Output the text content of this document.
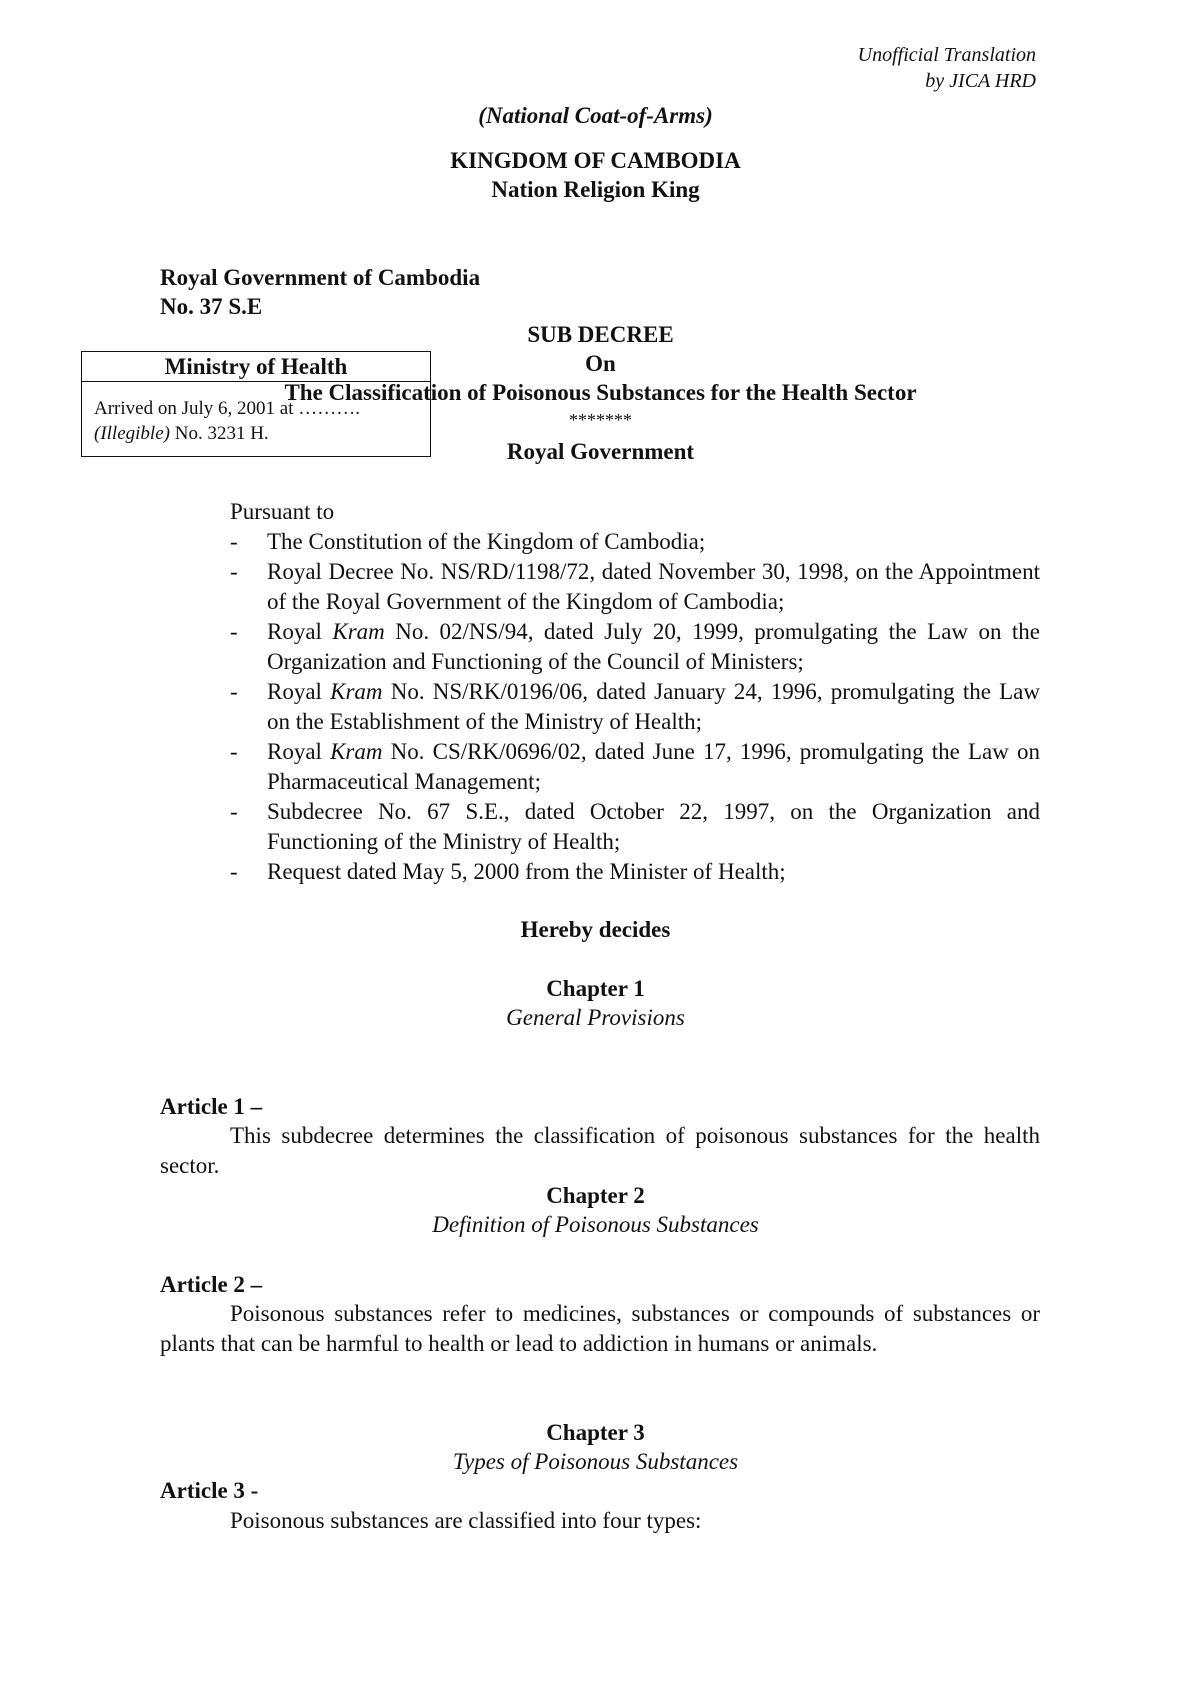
Unofficial Translation
by JICA HRD
(National Coat-of-Arms)
KINGDOM OF CAMBODIA
Nation Religion King
Royal Government of Cambodia
No. 37 S.E
Ministry of Health
Arrived on July 6, 2001 at ……….
(Illegible) No. 3231 H.
SUB DECREE
On
The Classification of Poisonous Substances for the Health Sector
*******
Royal Government
Pursuant to
- The Constitution of the Kingdom of Cambodia;
- Royal Decree No. NS/RD/1198/72, dated November 30, 1998, on the Appointment of the Royal Government of the Kingdom of Cambodia;
- Royal Kram No. 02/NS/94, dated July 20, 1999, promulgating the Law on the Organization and Functioning of the Council of Ministers;
- Royal Kram No. NS/RK/0196/06, dated January 24, 1996, promulgating the Law on the Establishment of the Ministry of Health;
- Royal Kram No. CS/RK/0696/02, dated June 17, 1996, promulgating the Law on Pharmaceutical Management;
- Subdecree No. 67 S.E., dated October 22, 1997, on the Organization and Functioning of the Ministry of Health;
- Request dated May 5, 2000 from the Minister of Health;
Hereby decides
Chapter 1
General Provisions
Article 1 –
This subdecree determines the classification of poisonous substances for the health sector.
Chapter 2
Definition of Poisonous Substances
Article 2 –
Poisonous substances refer to medicines, substances or compounds of substances or plants that can be harmful to health or lead to addiction in humans or animals.
Chapter 3
Types of Poisonous Substances
Article 3 -
Poisonous substances are classified into four types:
